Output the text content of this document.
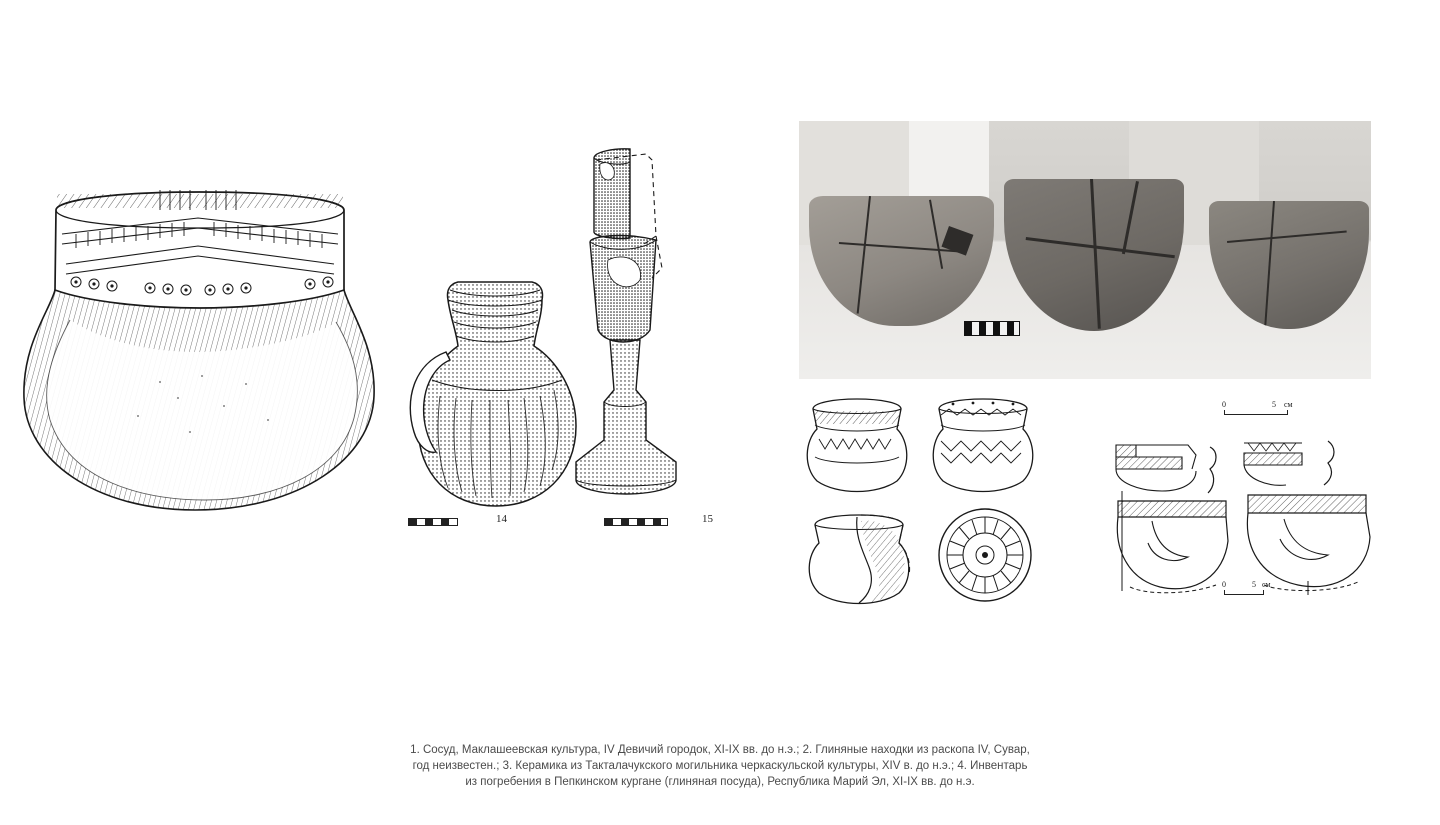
14	15
0	5 см
0	5 см

1. Сосуд, Маклашеевская культура, IV Девичий городок, XI-IX вв. до н.э.; 2. Глиняные находки из раскопа IV, Сувар,

год неизвестен.; 3. Керамика из Такталачукского могильника черкаскульской культуры, XIV в. до н.э.; 4. Инвентарь

из погребения в Пепкинском кургане (глиняная посуда), Республика Марий Эл, XI-IX вв. до н.э.
